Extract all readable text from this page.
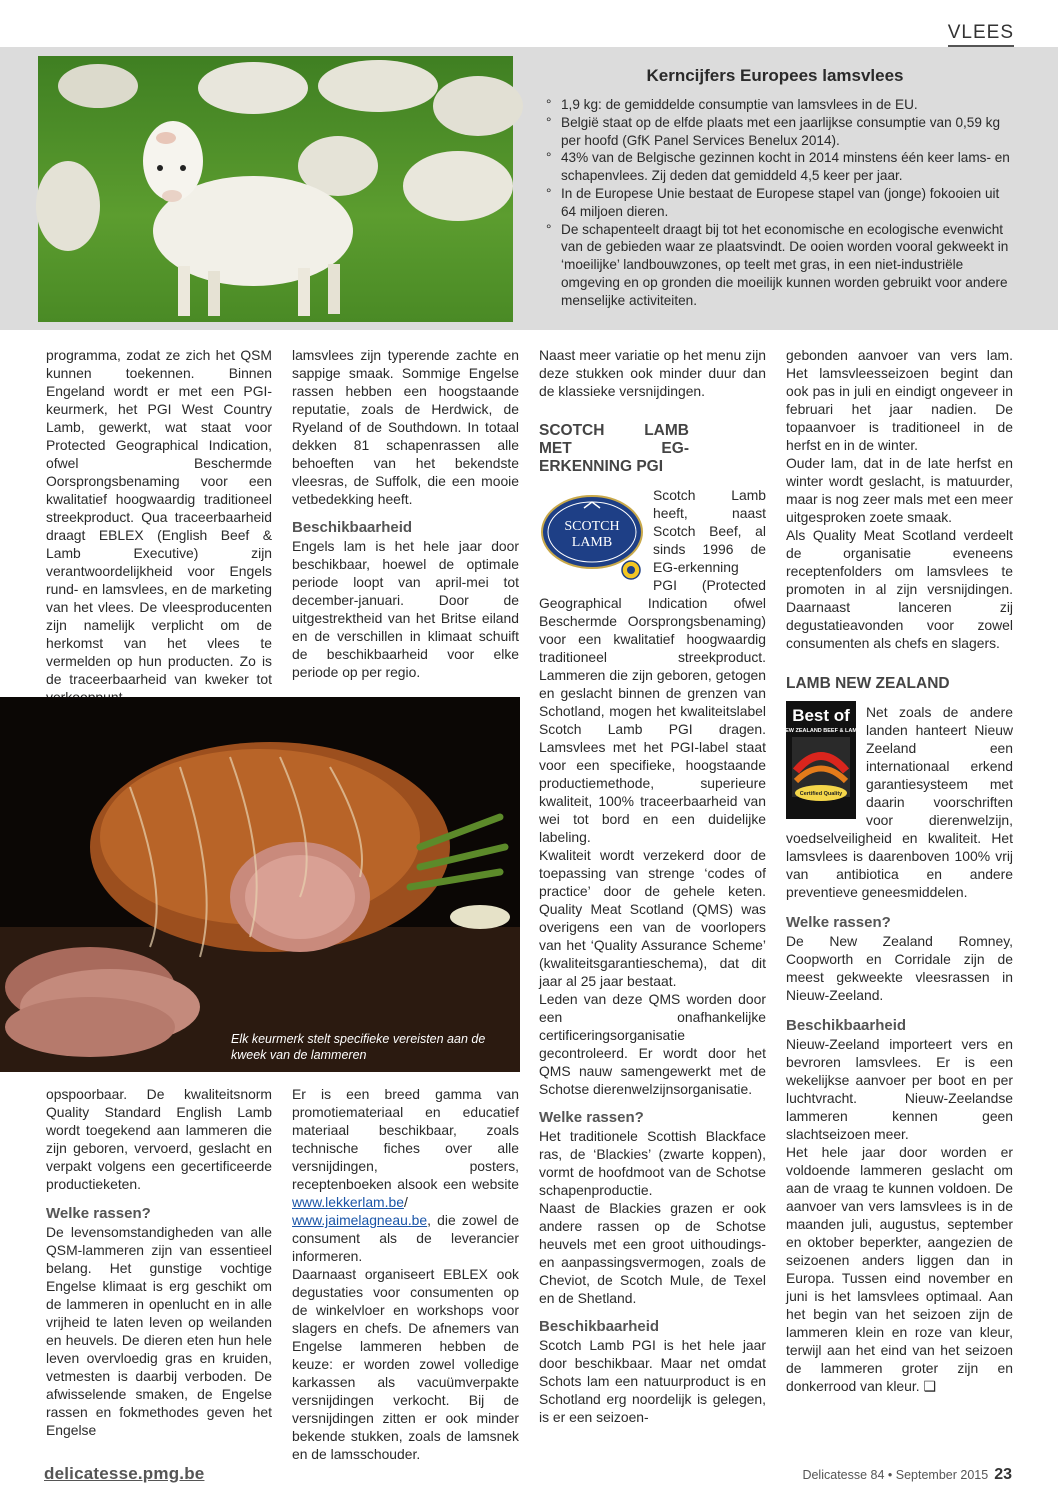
VLEES
Kerncijfers Europees lamsvlees
° 1,9 kg: de gemiddelde consumptie van lamsvlees in de EU.
° België staat op de elfde plaats met een jaarlijkse consumptie van 0,59 kg per hoofd (GfK Panel Services Benelux 2014).
° 43% van de Belgische gezinnen kocht in 2014 minstens één keer lams- en schapenvlees. Zij deden dat gemiddeld 4,5 keer per jaar.
° In de Europese Unie bestaat de Europese stapel van (jonge) fokooien uit 64 miljoen dieren.
° De schapenteelt draagt bij tot het economische en ecologische evenwicht van de gebieden waar ze plaatsvindt. De ooien worden vooral gekweekt in ‘moeilijke’ landbouwzones, op teelt met gras, in een niet-industriële omgeving en op gronden die moeilijk kunnen worden gebruikt voor andere menselijke activiteiten.

programma, zodat ze zich het QSM kunnen toekennen. Binnen Engeland wordt er met een PGI-keurmerk, het PGI West Country Lamb, gewerkt, wat staat voor Protected Geographical Indication, ofwel Beschermde Oorsprongsbenaming voor een kwalitatief hoogwaardig traditioneel streekproduct. Qua traceerbaarheid draagt EBLEX (English Beef & Lamb Executive) zijn verantwoordelijkheid voor Engels rund- en lamsvlees, en de marketing van het vlees. De vleesproducenten zijn namelijk verplicht om de herkomst van het vlees te vermelden op hun producten. Zo is de traceerbaarheid van kweker tot

lamsvlees zijn typerende zachte en sappige smaak. Sommige Engelse rassen hebben een hoogstaande reputatie, zoals de Herdwick, de Ryeland of de Southdown. In totaal dekken 81 schapenrassen alle behoeften van het bekendste vleesras, de Suffolk, die een mooie vetbedekking heeft.

Beschikbaarheid

Engels lam is het hele jaar door beschikbaar, hoewel de optimale periode loopt van april-mei tot december-januari. Door de uitgestrektheid van het Britse eiland en de verschillen in klimaat schuift de beschikbaarheid voor elke periode op per regio.

Elk keurmerk stelt specifieke vereisten aan de kweek van de lammeren

opspoorbaar. De kwaliteitsnorm Quality Standard English Lamb wordt toegekend aan lammeren die zijn geboren, vervoerd, geslacht en verpakt volgens een gecertificeerde productieketen.

Welke rassen?

De levensomstandigheden van alle QSM-lammeren zijn van essentieel belang. Het gunstige vochtige Engelse klimaat is erg geschikt om de lammeren in openlucht en in alle vrijheid te laten leven op weilanden en heuvels. De dieren eten hun hele leven overvloedig gras en kruiden, vetmesten is daarbij verboden. De afwisselende smaken, de Engelse rassen en fokmethodes geven het Engelse

Er is een breed gamma van promotiemateriaal en educatief materiaal beschikbaar, zoals technische fiches over alle versnijdingen, posters, receptenboeken alsook een website www.lekkerlam.be/ www.jaimelagneau.be, die zowel de consument als de leverancier informeren.

Daarnaast organiseert EBLEX ook degustaties voor consumenten op de winkelvloer en workshops voor slagers en chefs. De afnemers van Engelse lammeren hebben de keuze: er worden zowel volledige karkassen als vacuümverpakte versnijdingen verkocht. Bij de versnijdingen zitten er ook minder bekende stukken, zoals de lamsnek en de lamsschouder.

Naast meer variatie op het menu zijn deze stukken ook minder duur dan de klassieke versnijdingen.

SCOTCH LAMB MET EG-ERKENNING PGI

SCOTCH
LAMB

Scotch Lamb heeft, naast Scotch Beef, al sinds 1996 de EG-erkenning PGI (Protected Geographical Indication ofwel Beschermde Oorsprongsbenaming) voor een kwalitatief hoogwaardig traditioneel streekproduct. Lammeren die zijn geboren, getogen en geslacht binnen de grenzen van Schotland, mogen het kwaliteitslabel Scotch Lamb PGI dragen. Lamsvlees met het PGI-label staat voor een specifieke, hoogstaande productiemethode, superieure kwaliteit, 100% traceerbaarheid van wei tot bord en een duidelijke labeling.

Kwaliteit wordt verzekerd door de toepassing van strenge ‘codes of practice’ door de gehele keten. Quality Meat Scotland (QMS) was overigens een van de voorlopers van het ‘Quality Assurance Scheme’ (kwaliteitsgarantieschema), dat dit jaar al 25 jaar bestaat.

Leden van deze QMS worden door een onafhankelijke certificeringsorganisatie gecontroleerd. Er wordt door het QMS nauw samengewerkt met de Schotse dierenwelzijnsorganisatie.

Welke rassen?

Het traditionele Scottish Blackface ras, de ‘Blackies’ (zwarte koppen), vormt de hoofdmoot van de Schotse schapenproductie.

Naast de Blackies grazen er ook andere rassen op de Schotse heuvels met een groot uithoudings- en aanpassingsvermogen, zoals de Cheviot, de Scotch Mule, de Texel en de Shetland.

Beschikbaarheid

Scotch Lamb PGI is het hele jaar door beschikbaar. Maar net omdat Schots lam een natuurproduct is en Schotland erg noordelijk is gelegen, is er een seizoen-

gebonden aanvoer van vers lam. Het lamsvleesseizoen begint dan ook pas in juli en eindigt ongeveer in februari het jaar nadien. De topaanvoer is traditioneel in de herfst en in de winter.

Ouder lam, dat in de late herfst en winter wordt geslacht, is matuurder, maar is nog zeer mals met een meer uitgesproken zoete smaak.

Als Quality Meat Scotland verdeelt de organisatie eveneens receptenfolders om lamsvlees te promoten in al zijn versnijdingen. Daarnaast lanceren zij degustatieavonden voor zowel consumenten als chefs en slagers.

LAMB NEW ZEALAND

Best of
NEW ZEALAND BEEF & LAMB
Certified Quality

Net zoals de andere landen hanteert Nieuw Zeeland een internationaal erkend garantiesysteem met daarin voorschriften voor dierenwelzijn, voedselveiligheid en kwaliteit. Het lamsvlees is daarenboven 100% vrij van antibiotica en andere preventieve geneesmiddelen.

Welke rassen?

De New Zealand Romney, Coopworth en Corridale zijn de meest gekweekte vleesrassen in Nieuw-Zeeland.

Beschikbaarheid

Nieuw-Zeeland importeert vers en bevroren lamsvlees. Er is een wekelijkse aanvoer per boot en per luchtvracht. Nieuw-Zeelandse lammeren kennen geen slachtseizoen meer.

Het hele jaar door worden er voldoende lammeren geslacht om aan de vraag te kunnen voldoen. De aanvoer van vers lamsvlees is in de maanden juli, augustus, september en oktober beperkter, aangezien de seizoenen anders liggen dan in Europa. Tussen eind november en juni is het lamsvlees optimaal. Aan het begin van het seizoen zijn de lammeren klein en roze van kleur, terwijl aan het eind van het seizoen de lammeren groter zijn en donkerrood van kleur. ❑

delicatesse.pmg.be	Delicatesse 84 • September 2015 23
